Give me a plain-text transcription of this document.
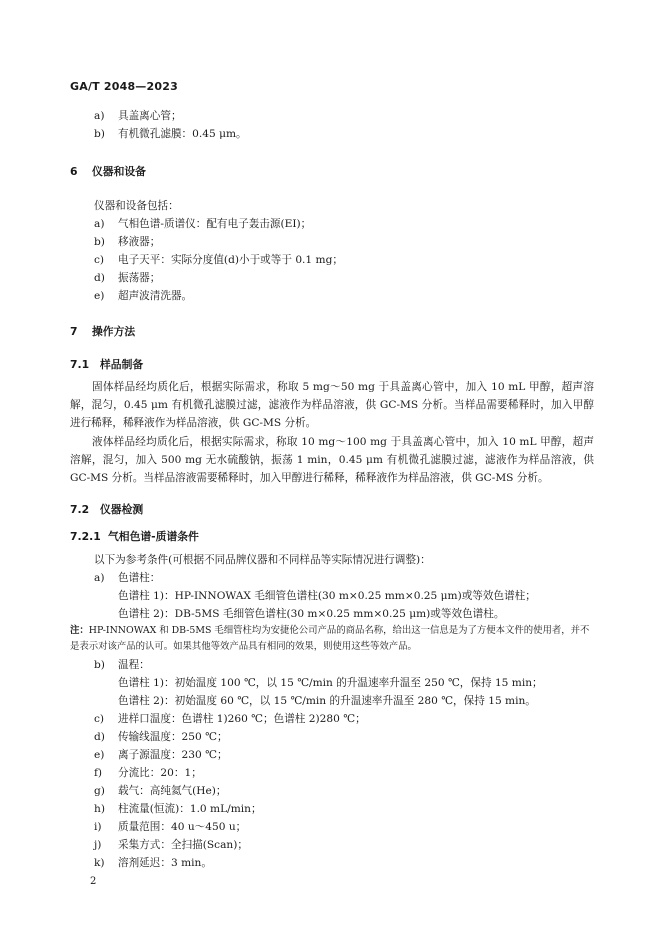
GA/T 2048—2023
a) 具盖离心管；
b) 有机微孔滤膜：0.45 μm。
6 仪器和设备
仪器和设备包括：
a) 气相色谱-质谱仪：配有电子轰击源(EI)；
b) 移液器；
c) 电子天平：实际分度值(d)小于或等于 0.1 mg；
d) 振荡器；
e) 超声波清洗器。
7 操作方法
7.1 样品制备
固体样品经均质化后，根据实际需求，称取 5 mg～50 mg 于具盖离心管中，加入 10 mL 甲醇，超声溶解，混匀，0.45 μm 有机微孔滤膜过滤，滤液作为样品溶液，供 GC-MS 分析。当样品需要稀释时，加入甲醇进行稀释，稀释液作为样品溶液，供 GC-MS 分析。
液体样品经均质化后，根据实际需求，称取 10 mg～100 mg 于具盖离心管中，加入 10 mL 甲醇，超声溶解，混匀，加入 500 mg 无水硫酸钠，振荡 1 min，0.45 μm 有机微孔滤膜过滤，滤液作为样品溶液，供 GC-MS 分析。当样品溶液需要稀释时，加入甲醇进行稀释，稀释液作为样品溶液，供 GC-MS 分析。
7.2 仪器检测
7.2.1 气相色谱-质谱条件
以下为参考条件(可根据不同品牌仪器和不同样品等实际情况进行调整)：
a) 色谱柱：
色谱柱 1)：HP-INNOWAX 毛细管色谱柱(30 m×0.25 mm×0.25 μm)或等效色谱柱；
色谱柱 2)：DB-5MS 毛细管色谱柱(30 m×0.25 mm×0.25 μm)或等效色谱柱。
注：HP-INNOWAX 和 DB-5MS 毛细管柱均为安捷伦公司产品的商品名称，给出这一信息是为了方便本文件的使用者，并不是表示对该产品的认可。如果其他等效产品具有相同的效果，则使用这些等效产品。
b) 温程：
色谱柱 1)：初始温度 100 ℃，以 15 ℃/min 的升温速率升温至 250 ℃，保持 15 min；
色谱柱 2)：初始温度 60 ℃，以 15 ℃/min 的升温速率升温至 280 ℃，保持 15 min。
c) 进样口温度：色谱柱 1)260 ℃；色谱柱 2)280 ℃；
d) 传输线温度：250 ℃；
e) 离子源温度：230 ℃；
f) 分流比：20：1；
g) 载气：高纯氦气(He)；
h) 柱流量(恒流)：1.0 mL/min；
i) 质量范围：40 u～450 u；
j) 采集方式：全扫描(Scan)；
k) 溶剂延迟：3 min。
2
